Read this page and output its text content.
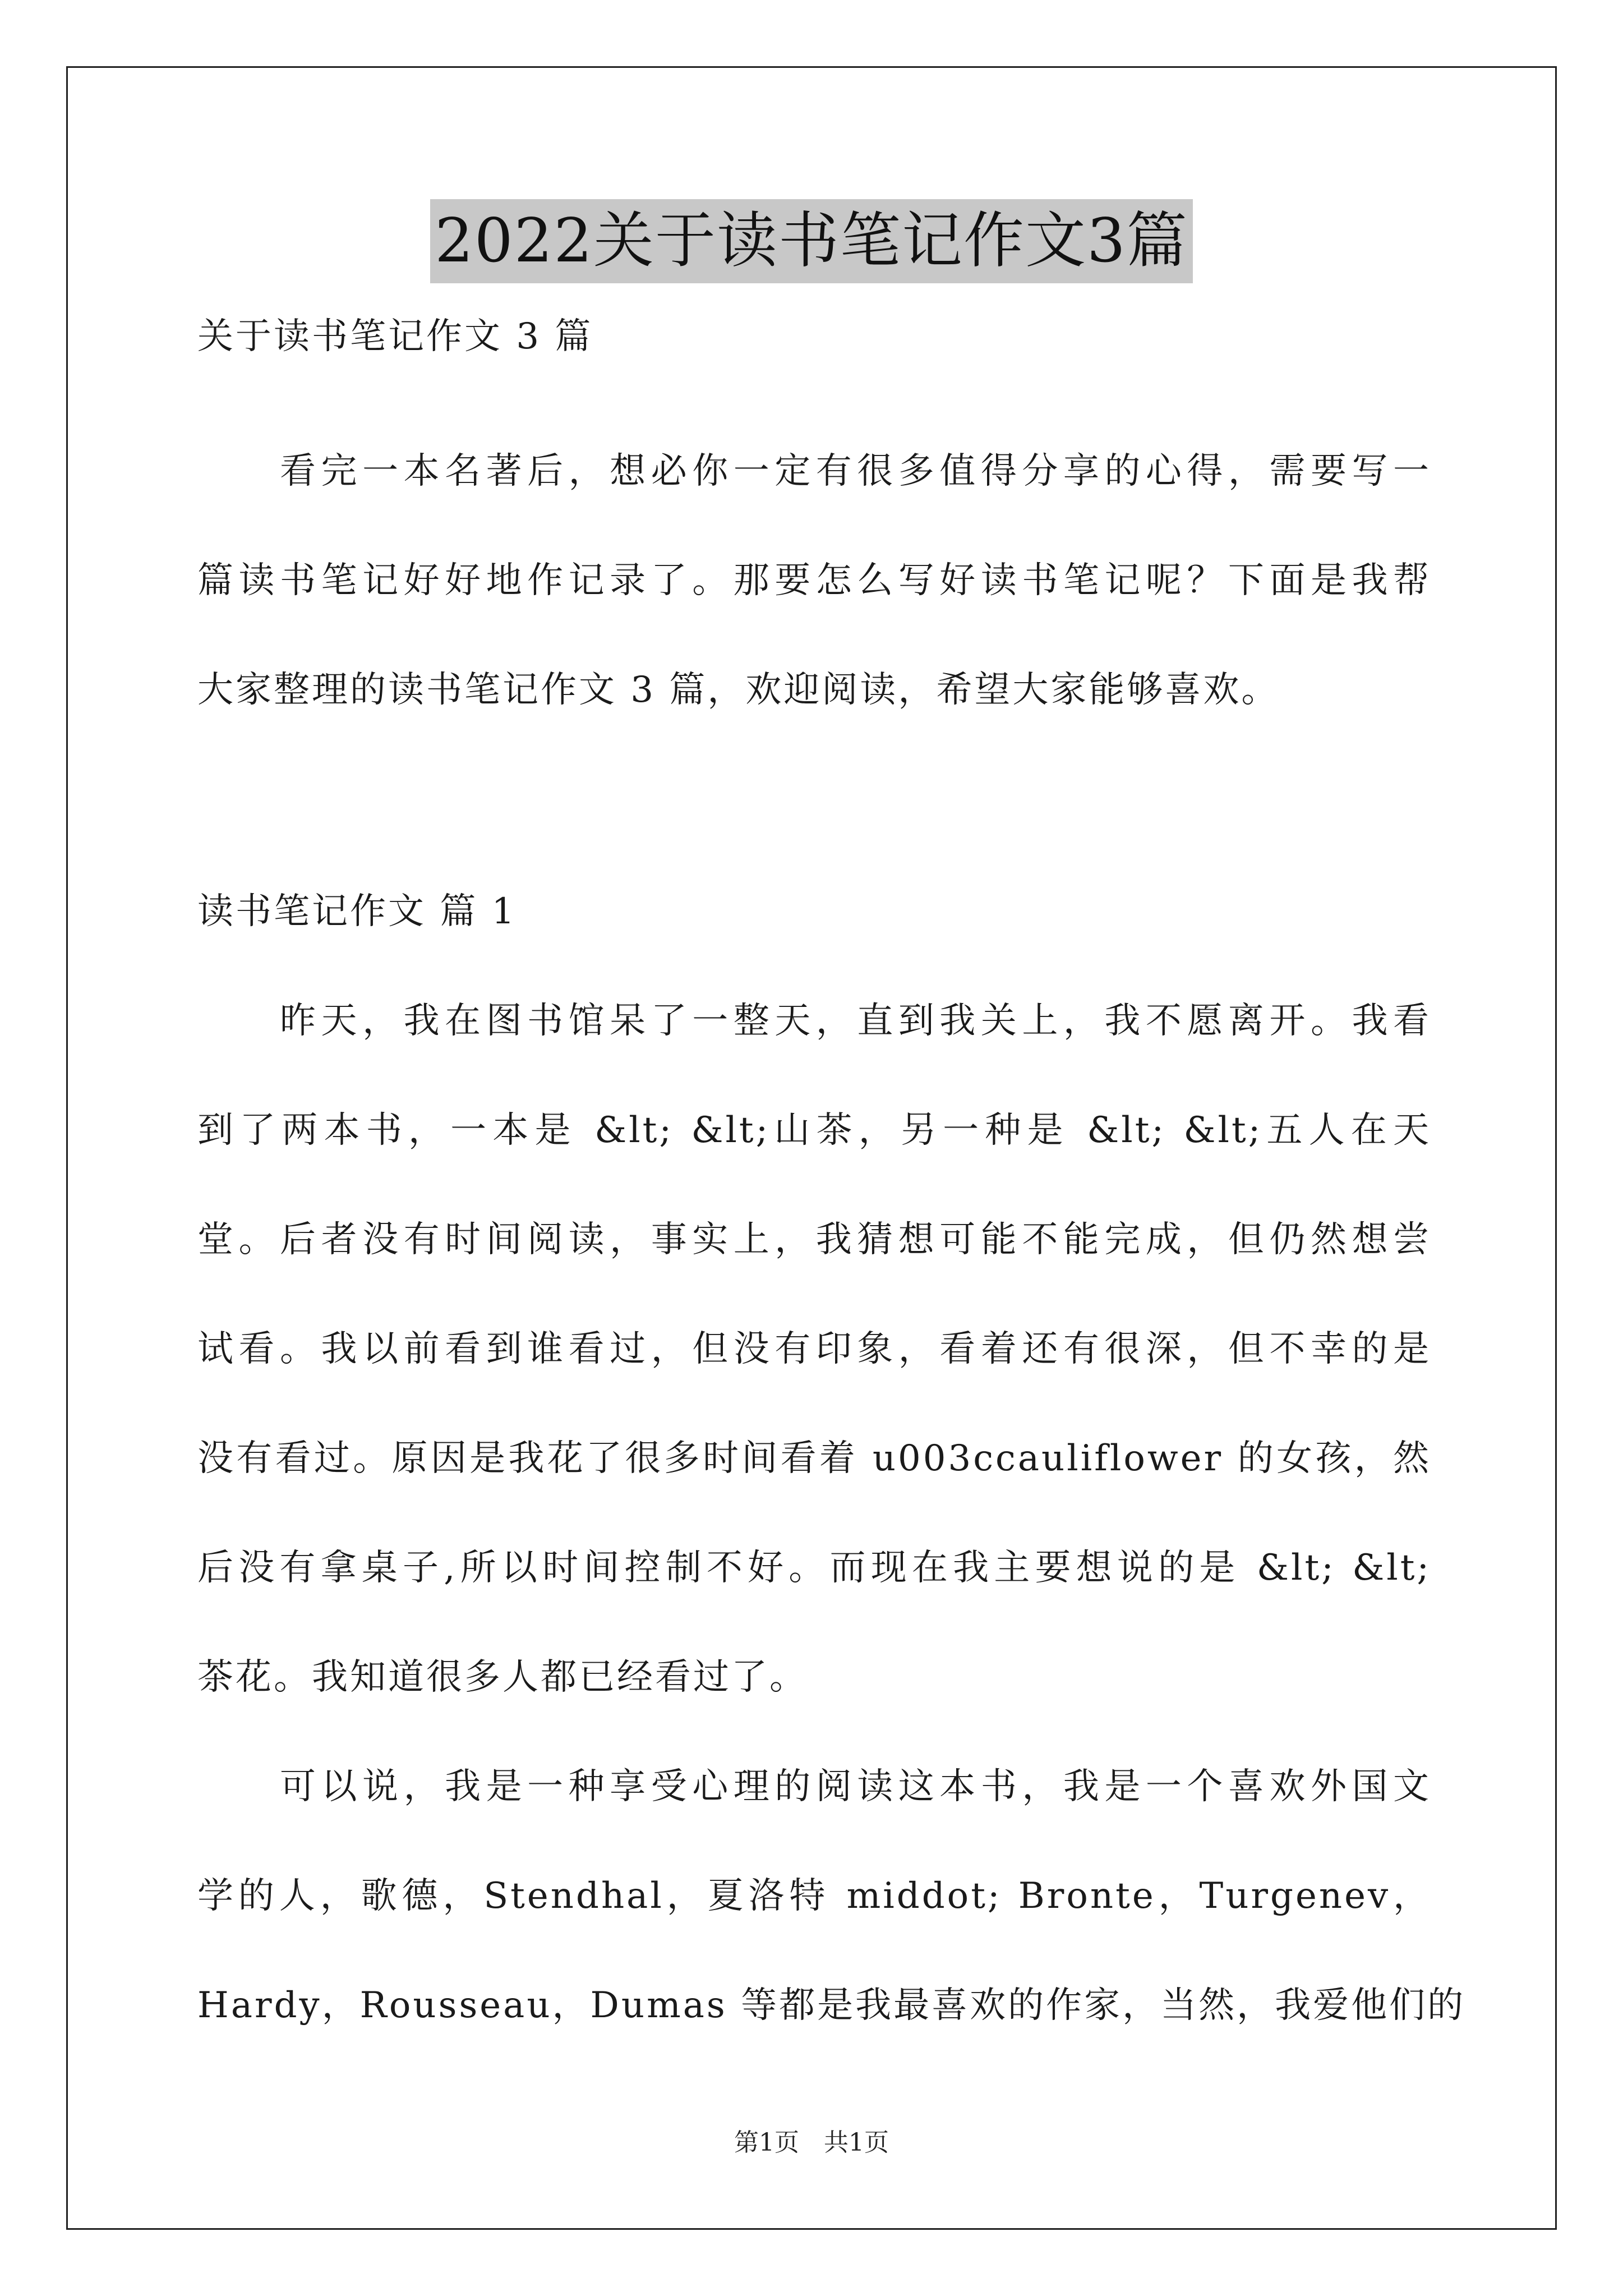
2022关于读书笔记作文3篇
关于读书笔记作文 3 篇
　　看完一本名著后，想必你一定有很多值得分享的心得，需要写一
篇读书笔记好好地作记录了。那要怎么写好读书笔记呢？下面是我帮
大家整理的读书笔记作文 3 篇，欢迎阅读，希望大家能够喜欢。
读书笔记作文 篇 1
　　昨天，我在图书馆呆了一整天，直到我关上，我不愿离开。我看
到了两本书，一本是 &lt; &lt;山茶，另一种是 &lt; &lt;五人在天
堂。后者没有时间阅读，事实上，我猜想可能不能完成，但仍然想尝
试看。我以前看到谁看过，但没有印象，看着还有很深，但不幸的是
没有看过。原因是我花了很多时间看着 u003ccauliflower 的女孩，然
后没有拿桌子,所以时间控制不好。而现在我主要想说的是 &lt; &lt;
茶花。我知道很多人都已经看过了。
　　可以说，我是一种享受心理的阅读这本书，我是一个喜欢外国文
学的人，歌德，Stendhal，夏洛特 middot; Bronte，Turgenev，
Hardy，Rousseau，Dumas 等都是我最喜欢的作家，当然，我爱他们的
第1页　共1页
